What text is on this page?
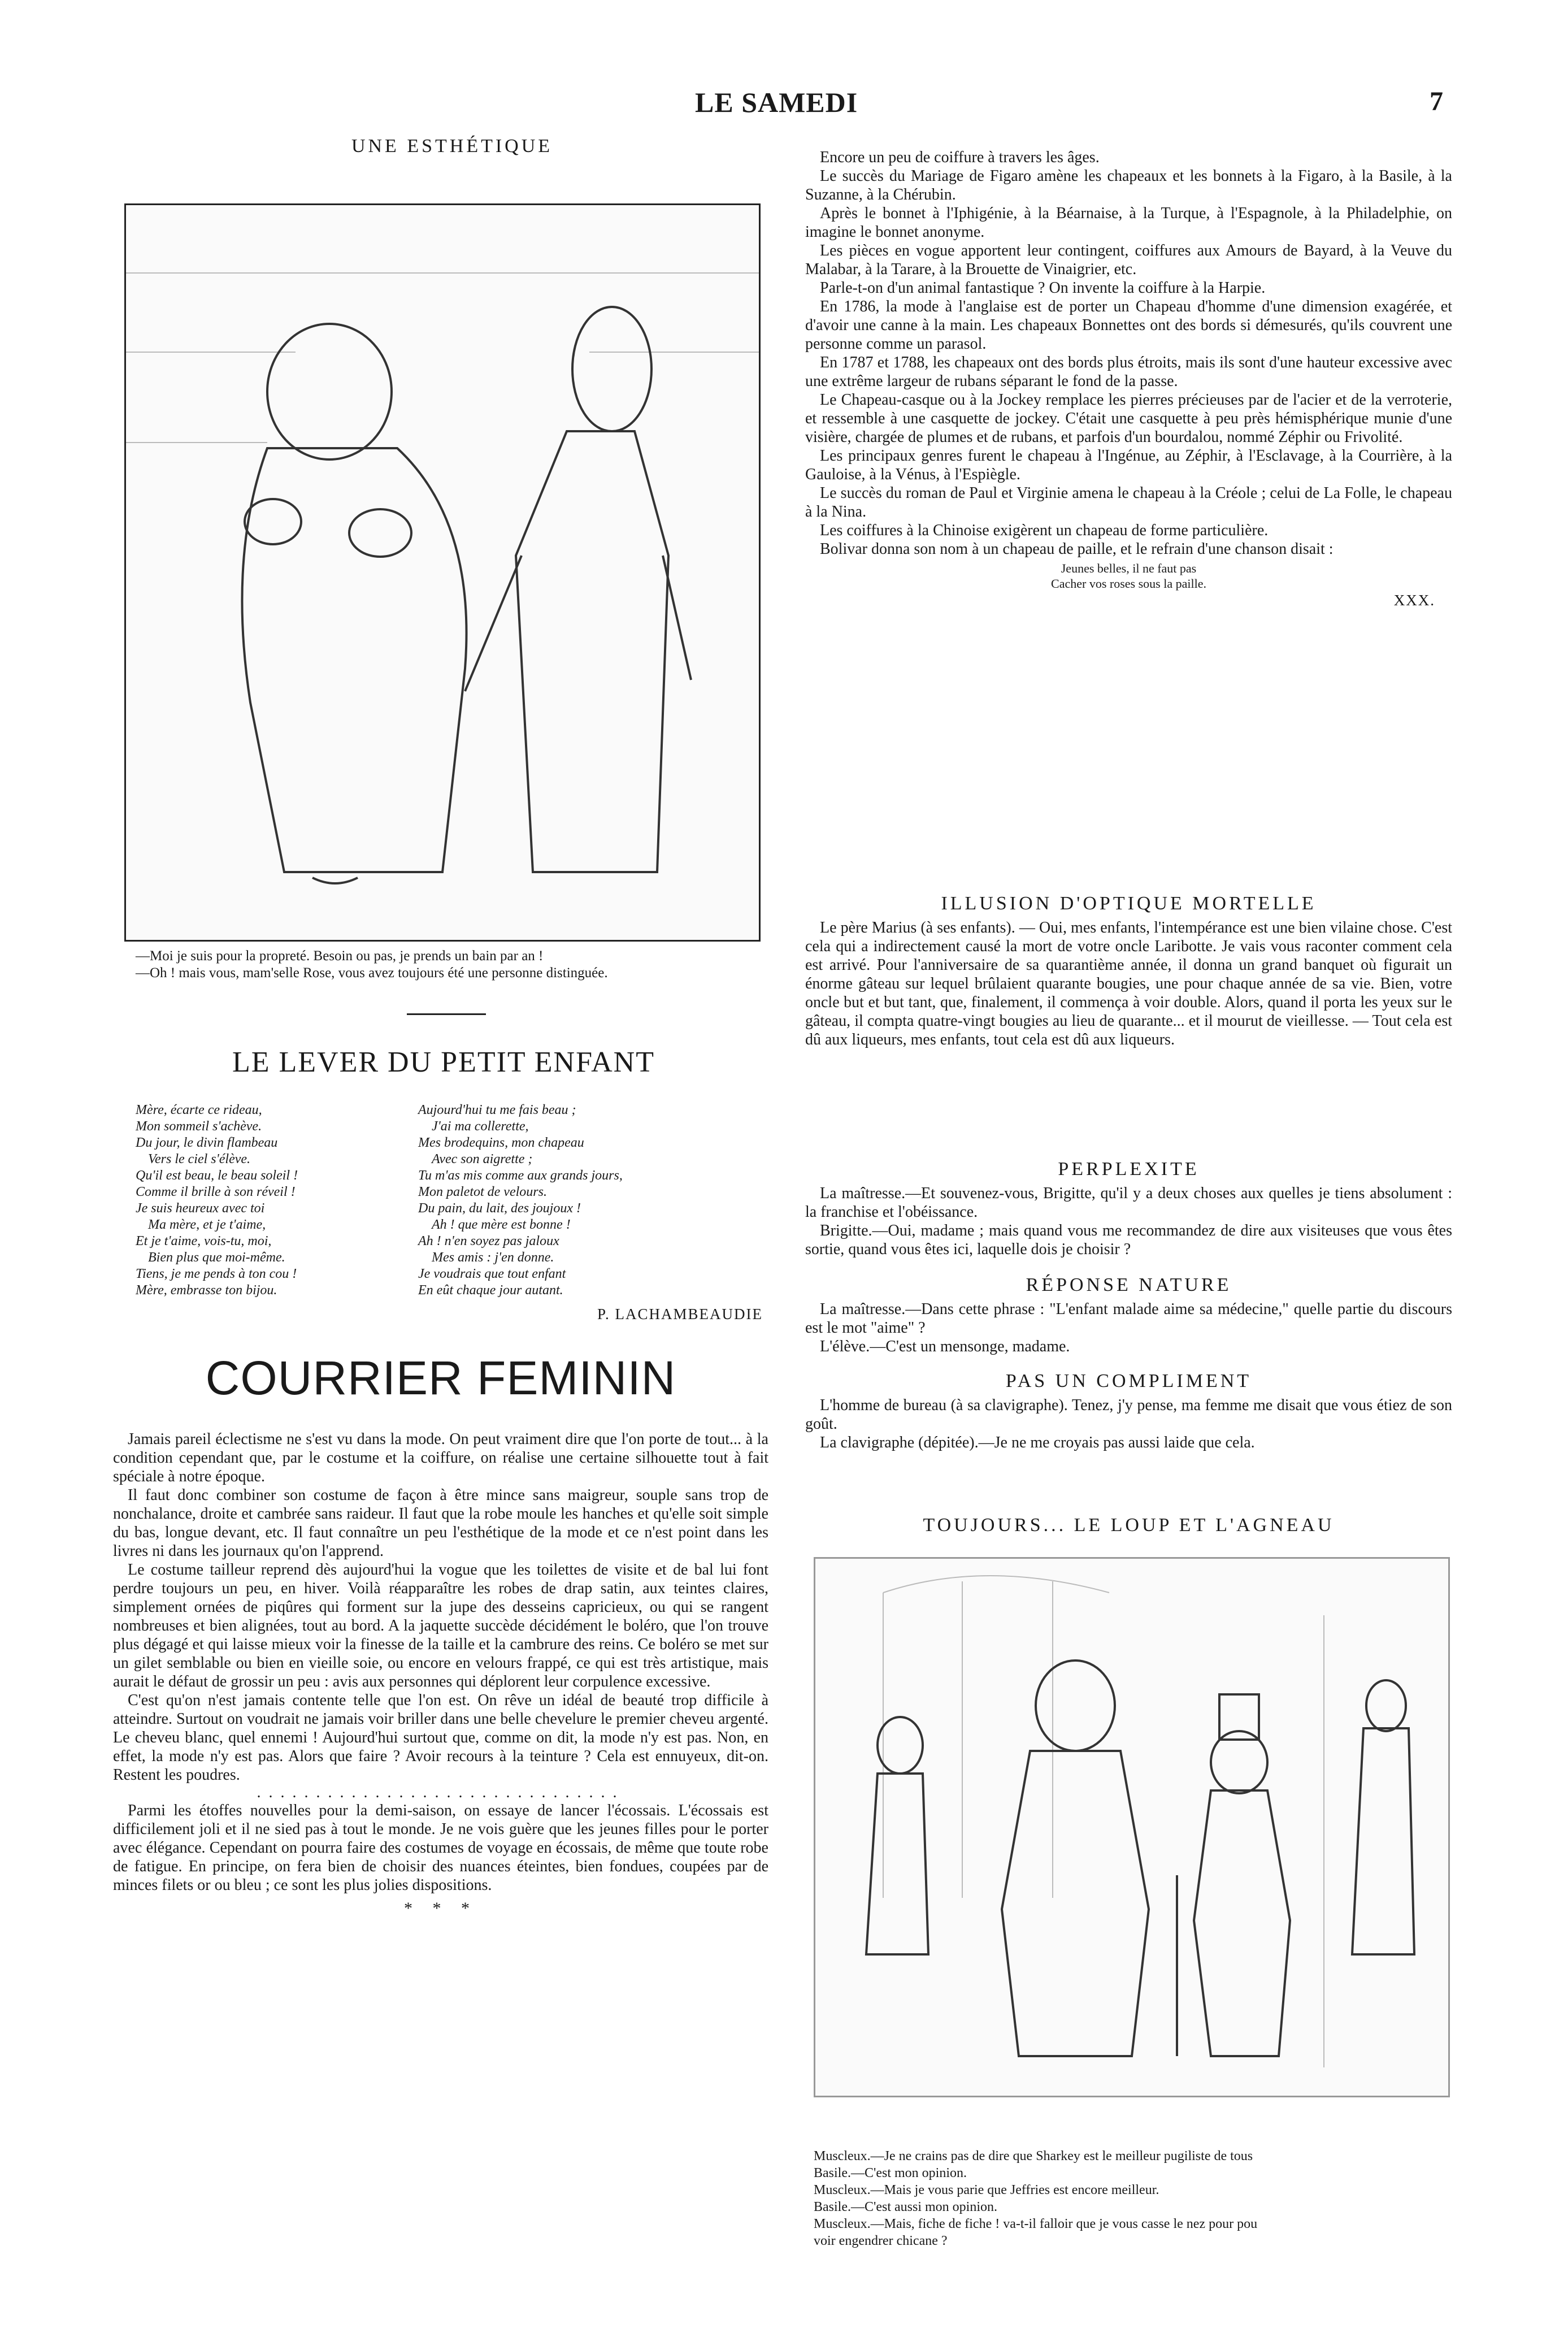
LE SAMEDI	7
UNE ESTHÉTIQUE
—Moi je suis pour la propreté. Besoin ou pas, je prends un bain par an !
—Oh ! mais vous, mam'selle Rose, vous avez toujours été une personne distinguée.
LE LEVER DU PETIT ENFANT
Mère, écarte ce rideau,
Mon sommeil s'achève.
Du jour, le divin flambeau
Vers le ciel s'élève.
Qu'il est beau, le beau soleil !
Comme il brille à son réveil !
Je suis heureux avec toi
Ma mère, et je t'aime,
Et je t'aime, vois-tu, moi,
Bien plus que moi-même.
Tiens, je me pends à ton cou !
Mère, embrasse ton bijou.
Aujourd'hui tu me fais beau ;
J'ai ma collerette,
Mes brodequins, mon chapeau
Avec son aigrette ;
Tu m'as mis comme aux grands jours,
Mon paletot de velours.
Du pain, du lait, des joujoux !
Ah ! que mère est bonne !
Ah ! n'en soyez pas jaloux
Mes amis : j'en donne.
Je voudrais que tout enfant
En eût chaque jour autant.
P. LACHAMBEAUDIE
COURRIER FEMININ

Jamais pareil éclectisme ne s'est vu dans la mode. On peut vraiment dire que l'on porte de tout... à la condition cependant que, par le costume et la coiffure, on réalise une certaine silhouette tout à fait spéciale à notre époque.

Il faut donc combiner son costume de façon à être mince sans maigreur, souple sans trop de nonchalance, droite et cambrée sans raideur. Il faut que la robe moule les hanches et qu'elle soit simple du bas, longue devant, etc. Il faut connaître un peu l'esthétique de la mode et ce n'est point dans les livres ni dans les journaux qu'on l'apprend.

Le costume tailleur reprend dès aujourd'hui la vogue que les toilettes de visite et de bal lui font perdre toujours un peu, en hiver. Voilà réapparaître les robes de drap satin, aux teintes claires, simplement ornées de piqûres qui forment sur la jupe des desseins capricieux, ou qui se rangent nombreuses et bien alignées, tout au bord. A la jaquette succède décidément le boléro, que l'on trouve plus dégagé et qui laisse mieux voir la finesse de la taille et la cambrure des reins. Ce boléro se met sur un gilet semblable ou bien en vieille soie, ou encore en velours frappé, ce qui est très artistique, mais aurait le défaut de grossir un peu : avis aux personnes qui déplorent leur corpulence excessive.

C'est qu'on n'est jamais contente telle que l'on est. On rêve un idéal de beauté trop difficile à atteindre. Surtout on voudrait ne jamais voir briller dans une belle chevelure le premier cheveu argenté. Le cheveu blanc, quel ennemi ! Aujourd'hui surtout que, comme on dit, la mode n'y est pas. Non, en effet, la mode n'y est pas. Alors que faire ? Avoir recours à la teinture ? Cela est ennuyeux, dit-on. Restent les poudres.

...............................

Parmi les étoffes nouvelles pour la demi-saison, on essaye de lancer l'écossais. L'écossais est difficilement joli et il ne sied pas à tout le monde. Je ne vois guère que les jeunes filles pour le porter avec élégance. Cependant on pourra faire des costumes de voyage en écossais, de même que toute robe de fatigue. En principe, on fera bien de choisir des nuances éteintes, bien fondues, coupées par de minces filets or ou bleu ; ce sont les plus jolies dispositions.

* * *

Encore un peu de coiffure à travers les âges.

Le succès du Mariage de Figaro amène les chapeaux et les bonnets à la Figaro, à la Basile, à la Suzanne, à la Chérubin.

Après le bonnet à l'Iphigénie, à la Béarnaise, à la Turque, à l'Espagnole, à la Philadelphie, on imagine le bonnet anonyme.

Les pièces en vogue apportent leur contingent, coiffures aux Amours de Bayard, à la Veuve du Malabar, à la Tarare, à la Brouette de Vinaigrier, etc.

Parle-t-on d'un animal fantastique ? On invente la coiffure à la Harpie.

En 1786, la mode à l'anglaise est de porter un Chapeau d'homme d'une dimension exagérée, et d'avoir une canne à la main. Les chapeaux Bonnettes ont des bords si démesurés, qu'ils couvrent une personne comme un parasol.

En 1787 et 1788, les chapeaux ont des bords plus étroits, mais ils sont d'une hauteur excessive avec une extrême largeur de rubans séparant le fond de la passe.

Le Chapeau-casque ou à la Jockey remplace les pierres précieuses par de l'acier et de la verroterie, et ressemble à une casquette de jockey. C'était une casquette à peu près hémisphérique munie d'une visière, chargée de plumes et de rubans, et parfois d'un bourdalou, nommé Zéphir ou Frivolité.

Les principaux genres furent le chapeau à l'Ingénue, au Zéphir, à l'Esclavage, à la Courrière, à la Gauloise, à la Vénus, à l'Espiègle.

Le succès du roman de Paul et Virginie amena le chapeau à la Créole ; celui de La Folle, le chapeau à la Nina.

Les coiffures à la Chinoise exigèrent un chapeau de forme particulière.

Bolivar donna son nom à un chapeau de paille, et le refrain d'une chanson disait :

Jeunes belles, il ne faut pas
Cacher vos roses sous la paille.
XXX.
ILLUSION D'OPTIQUE MORTELLE

Le père Marius (à ses enfants). — Oui, mes enfants, l'intempérance est une bien vilaine chose. C'est cela qui a indirectement causé la mort de votre oncle Laribotte. Je vais vous raconter comment cela est arrivé. Pour l'anniversaire de sa quarantième année, il donna un grand banquet où figurait un énorme gâteau sur lequel brûlaient quarante bougies, une pour chaque année de sa vie. Bien, votre oncle but et but tant, que, finalement, il commença à voir double. Alors, quand il porta les yeux sur le gâteau, il compta quatre-vingt bougies au lieu de quarante... et il mourut de vieillesse. — Tout cela est dû aux liqueurs, mes enfants, tout cela est dû aux liqueurs.

PERPLEXITE

La maîtresse.—Et souvenez-vous, Brigitte, qu'il y a deux choses aux quelles je tiens absolument : la franchise et l'obéissance.

Brigitte.—Oui, madame ; mais quand vous me recommandez de dire aux visiteuses que vous êtes sortie, quand vous êtes ici, laquelle dois je choisir ?

RÉPONSE NATURE

La maîtresse.—Dans cette phrase : "L'enfant malade aime sa médecine," quelle partie du discours est le mot "aime" ?

L'élève.—C'est un mensonge, madame.

PAS UN COMPLIMENT

L'homme de bureau (à sa clavigraphe). Tenez, j'y pense, ma femme me disait que vous étiez de son goût.

La clavigraphe (dépitée).—Je ne me croyais pas aussi laide que cela.

TOUJOURS... LE LOUP ET L'AGNEAU
Muscleux.—Je ne crains pas de dire que Sharkey est le meilleur pugiliste de tous
Basile.—C'est mon opinion.
Muscleux.—Mais je vous parie que Jeffries est encore meilleur.
Basile.—C'est aussi mon opinion.
Muscleux.—Mais, fiche de fiche ! va-t-il falloir que je vous casse le nez pour pou
voir engendrer chicane ?
